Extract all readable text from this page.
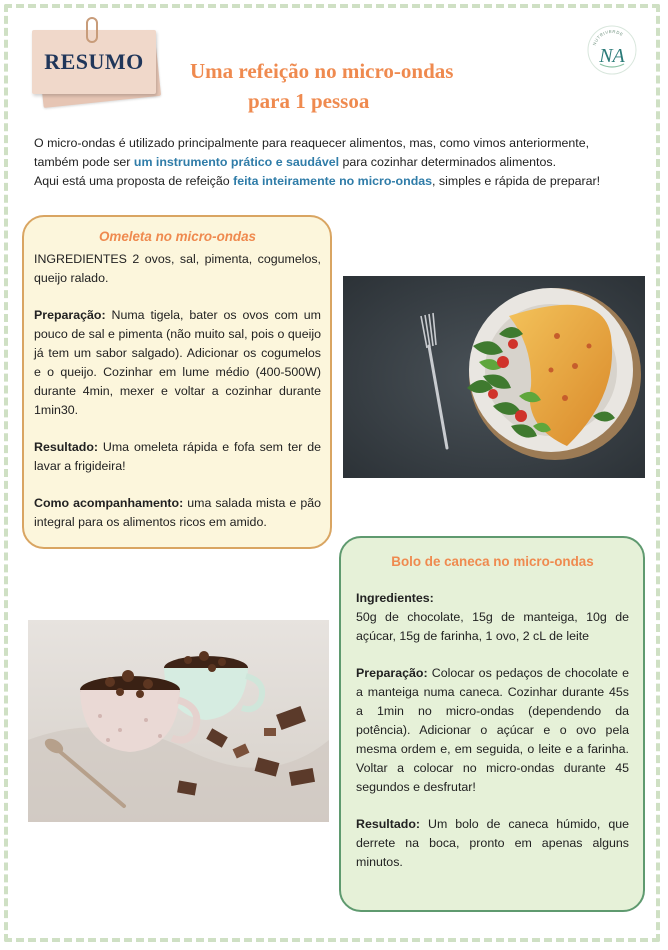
RESUMO Uma refeição no micro-ondas
para 1 pessoa
NUTRIVERDE
NA
O micro-ondas é utilizado principalmente para reaquecer alimentos, mas, como vimos anteriormente,
também pode ser um instrumento prático e saudável para cozinhar determinados alimentos.
Aqui está uma proposta de refeição feita inteiramente no micro-ondas, simples e rápida de preparar!
Omeleta no micro-ondas

INGREDIENTES 2 ovos, sal, pimenta, cogumelos, queijo ralado.

Preparação: Numa tigela, bater os ovos com um pouco de sal e pimenta (não muito sal, pois o queijo já tem um sabor salgado). Adicionar os cogumelos e o queijo. Cozinhar em lume médio (400-500W) durante 4min, mexer e voltar a cozinhar durante 1min30.

Resultado: Uma omeleta rápida e fofa sem ter de lavar a frigideira!

Como acompanhamento: uma salada mista e pão integral para os alimentos ricos em amido.

Bolo de caneca no micro-ondas

Ingredientes:
50g de chocolate, 15g de manteiga, 10g de açúcar, 15g de farinha, 1 ovo, 2 cL de leite

Preparação: Colocar os pedaços de chocolate e a manteiga numa caneca. Cozinhar durante 45s a 1min no micro-ondas (dependendo da potência). Adicionar o açúcar e o ovo pela mesma ordem e, em seguida, o leite e a farinha. Voltar a colocar no micro-ondas durante 45 segundos e desfrutar!

Resultado: Um bolo de caneca húmido, que derrete na boca, pronto em apenas alguns minutos.
